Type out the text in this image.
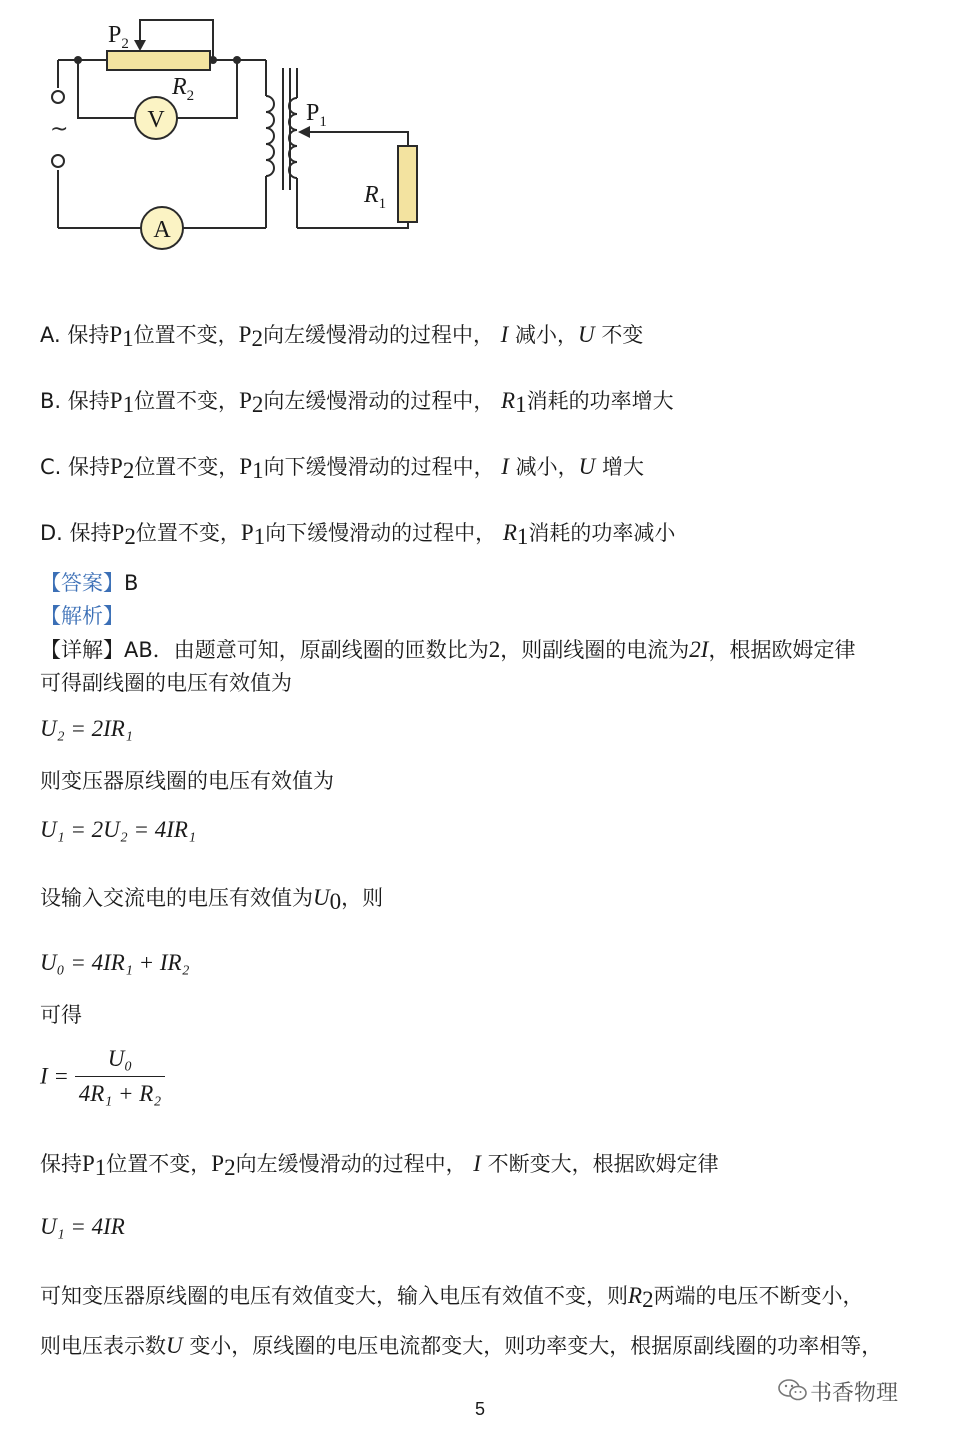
~	V
A
$P_2$
$R_2$
$P_1$
$R_1$
A. 保持$P_1$位置不变，$P_2$向左缓慢滑动的过程中， I 减小，U 不变
B. 保持$P_1$位置不变，$P_2$向左缓慢滑动的过程中， $R_1$消耗的功率增大
C. 保持$P_2$位置不变，$P_1$向下缓慢滑动的过程中， I 减小，U 增大
D. 保持$P_2$位置不变，$P_1$向下缓慢滑动的过程中， $R_1$消耗的功率减小
【答案】B
【解析】
【详解】AB．由题意可知，原副线圈的匝数比为2，则副线圈的电流为2I，根据欧姆定律
可得副线圈的电压有效值为
U₂ = 2IR₁
则变压器原线圈的电压有效值为
U₁ = 2U₂ = 4IR₁
设输入交流电的电压有效值为$U_0$，则
U₀ = 4IR₁ + IR₂
可得
$I = \frac{\text{U₀}}{\text{4R₁ + R₂}}$
保持$P_1$位置不变，$P_2$向左缓慢滑动的过程中， I 不断变大，根据欧姆定律
U₁ = 4IR
可知变压器原线圈的电压有效值变大，输入电压有效值不变，则$R_2$两端的电压不断变小，
则电压表示数U 变小，原线圈的电压电流都变大，则功率变大，根据原副线圈的功率相等，
5
书香物理
